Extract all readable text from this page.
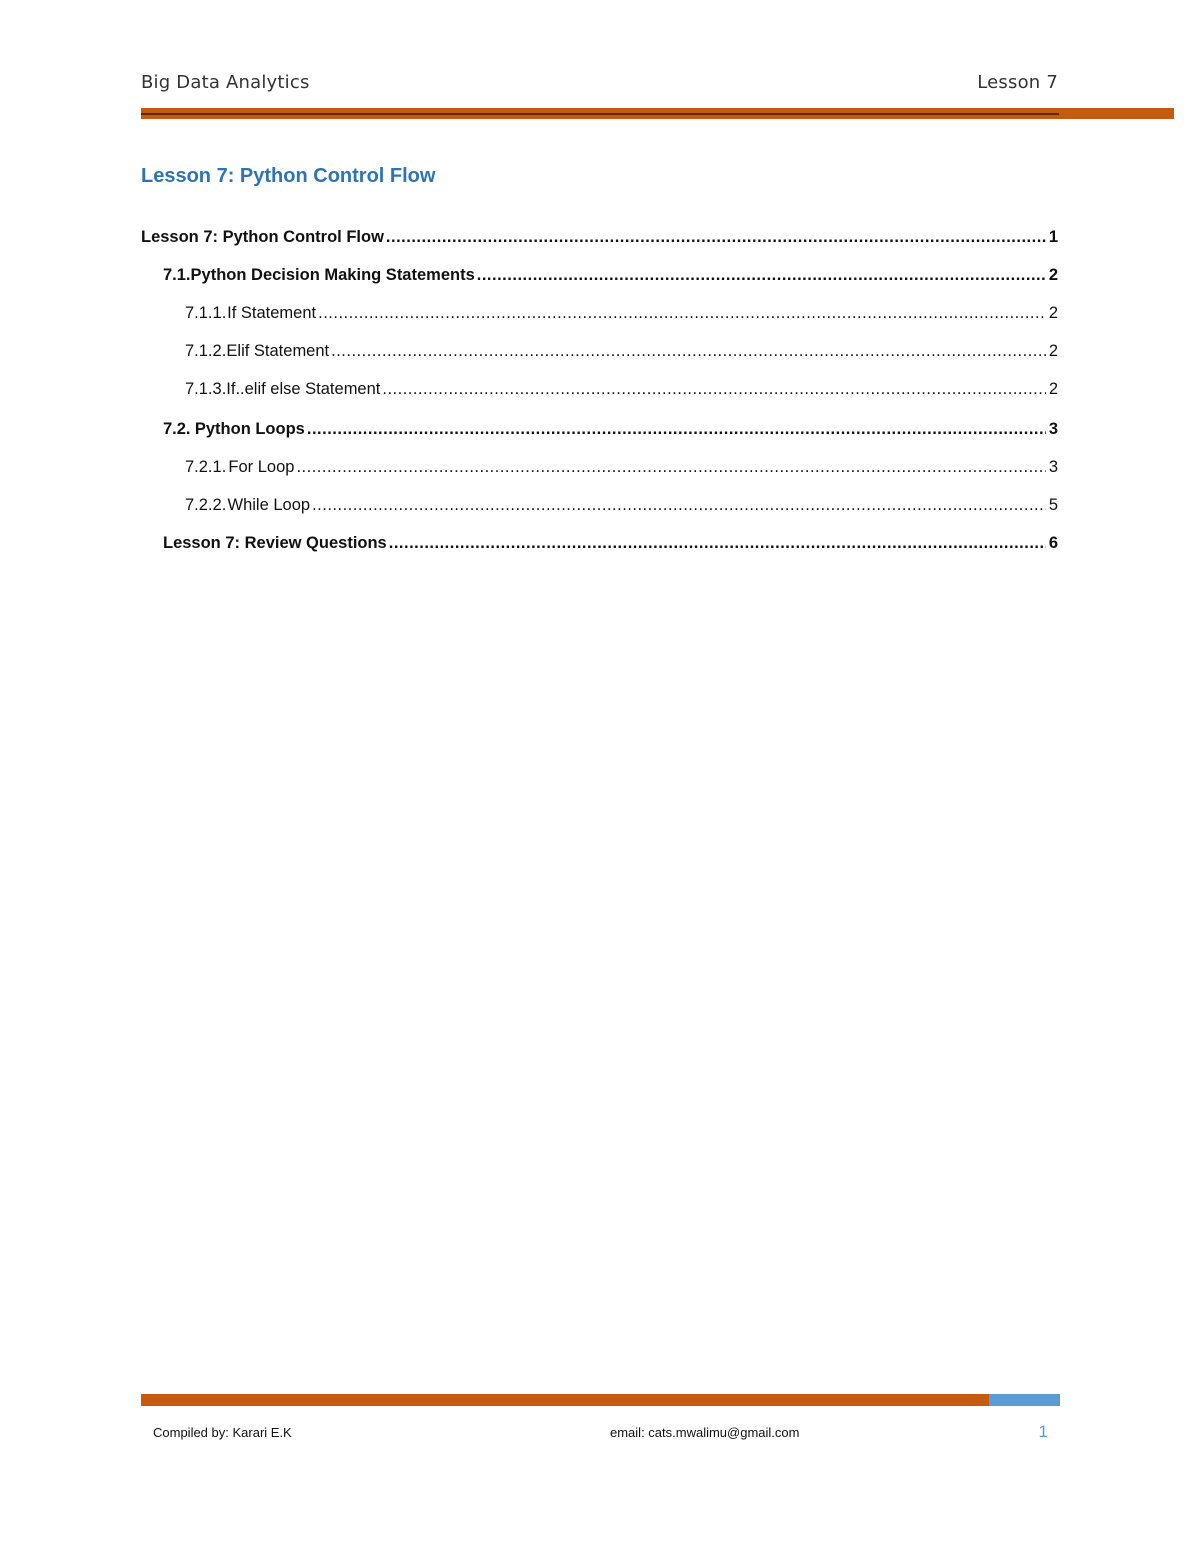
Big Data Analytics	Lesson 7
Lesson 7: Python Control Flow
Lesson 7: Python Control Flow .....	1
7.1. Python Decision Making Statements .....	2
7.1.1. If Statement .....	2
7.1.2. Elif Statement .....	2
7.1.3. If..elif else Statement .....	2
7.2. Python Loops .....	3
7.2.1. For Loop .....	3
7.2.2. While Loop .....	5
Lesson 7: Review Questions .....	6
Compiled by: Karari E.K	email: cats.mwalimu@gmail.com	1
